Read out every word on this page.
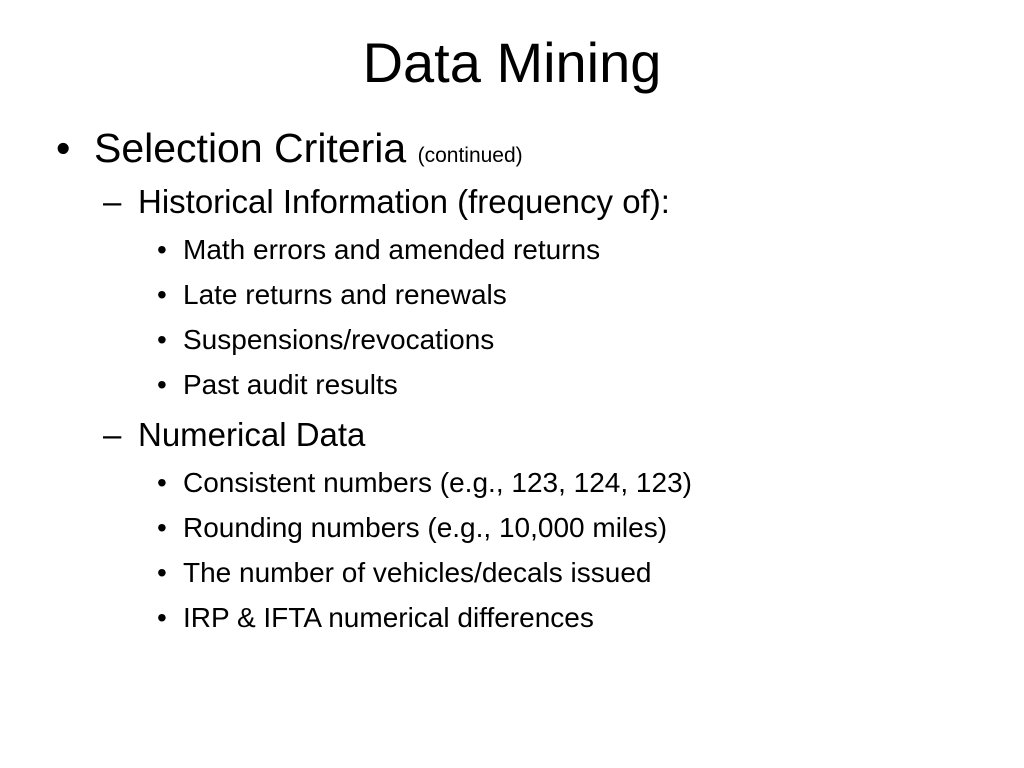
Data Mining
• Selection Criteria (continued)
– Historical Information (frequency of):
• Math errors and amended returns
• Late returns and renewals
• Suspensions/revocations
• Past audit results
– Numerical Data
• Consistent numbers (e.g., 123, 124, 123)
• Rounding numbers (e.g., 10,000 miles)
• The number of vehicles/decals issued
• IRP & IFTA numerical differences
